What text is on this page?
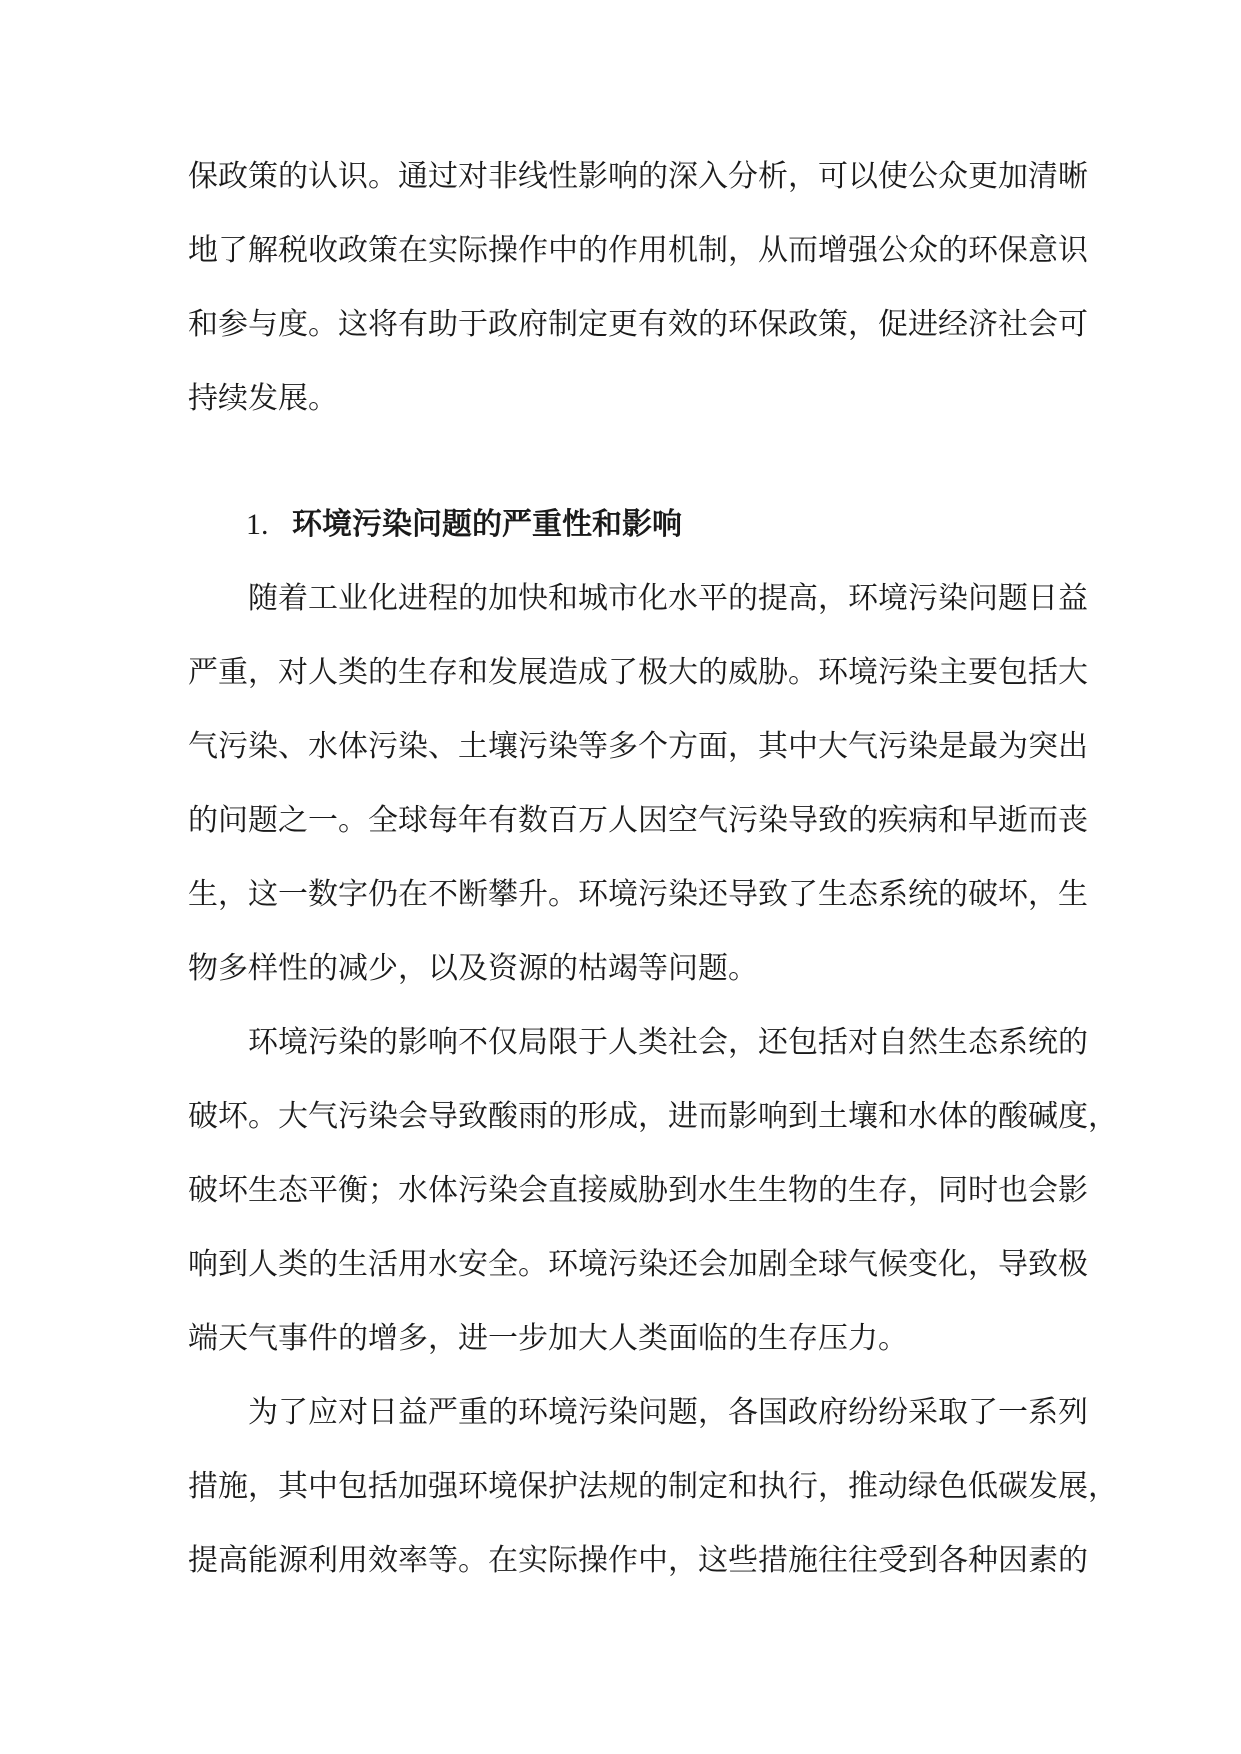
保政策的认识。通过对非线性影响的深入分析，可以使公众更加清晰
地了解税收政策在实际操作中的作用机制，从而增强公众的环保意识
和参与度。这将有助于政府制定更有效的环保政策，促进经济社会可
持续发展。
1. 环境污染问题的严重性和影响
　　随着工业化进程的加快和城市化水平的提高，环境污染问题日益
严重，对人类的生存和发展造成了极大的威胁。环境污染主要包括大
气污染、水体污染、土壤污染等多个方面，其中大气污染是最为突出
的问题之一。全球每年有数百万人因空气污染导致的疾病和早逝而丧
生，这一数字仍在不断攀升。环境污染还导致了生态系统的破坏，生
物多样性的减少，以及资源的枯竭等问题。
　　环境污染的影响不仅局限于人类社会，还包括对自然生态系统的
破坏。大气污染会导致酸雨的形成，进而影响到土壤和水体的酸碱度，
破坏生态平衡；水体污染会直接威胁到水生生物的生存，同时也会影
响到人类的生活用水安全。环境污染还会加剧全球气候变化，导致极
端天气事件的增多，进一步加大人类面临的生存压力。
　　为了应对日益严重的环境污染问题，各国政府纷纷采取了一系列
措施，其中包括加强环境保护法规的制定和执行，推动绿色低碳发展，
提高能源利用效率等。在实际操作中，这些措施往往受到各种因素的
